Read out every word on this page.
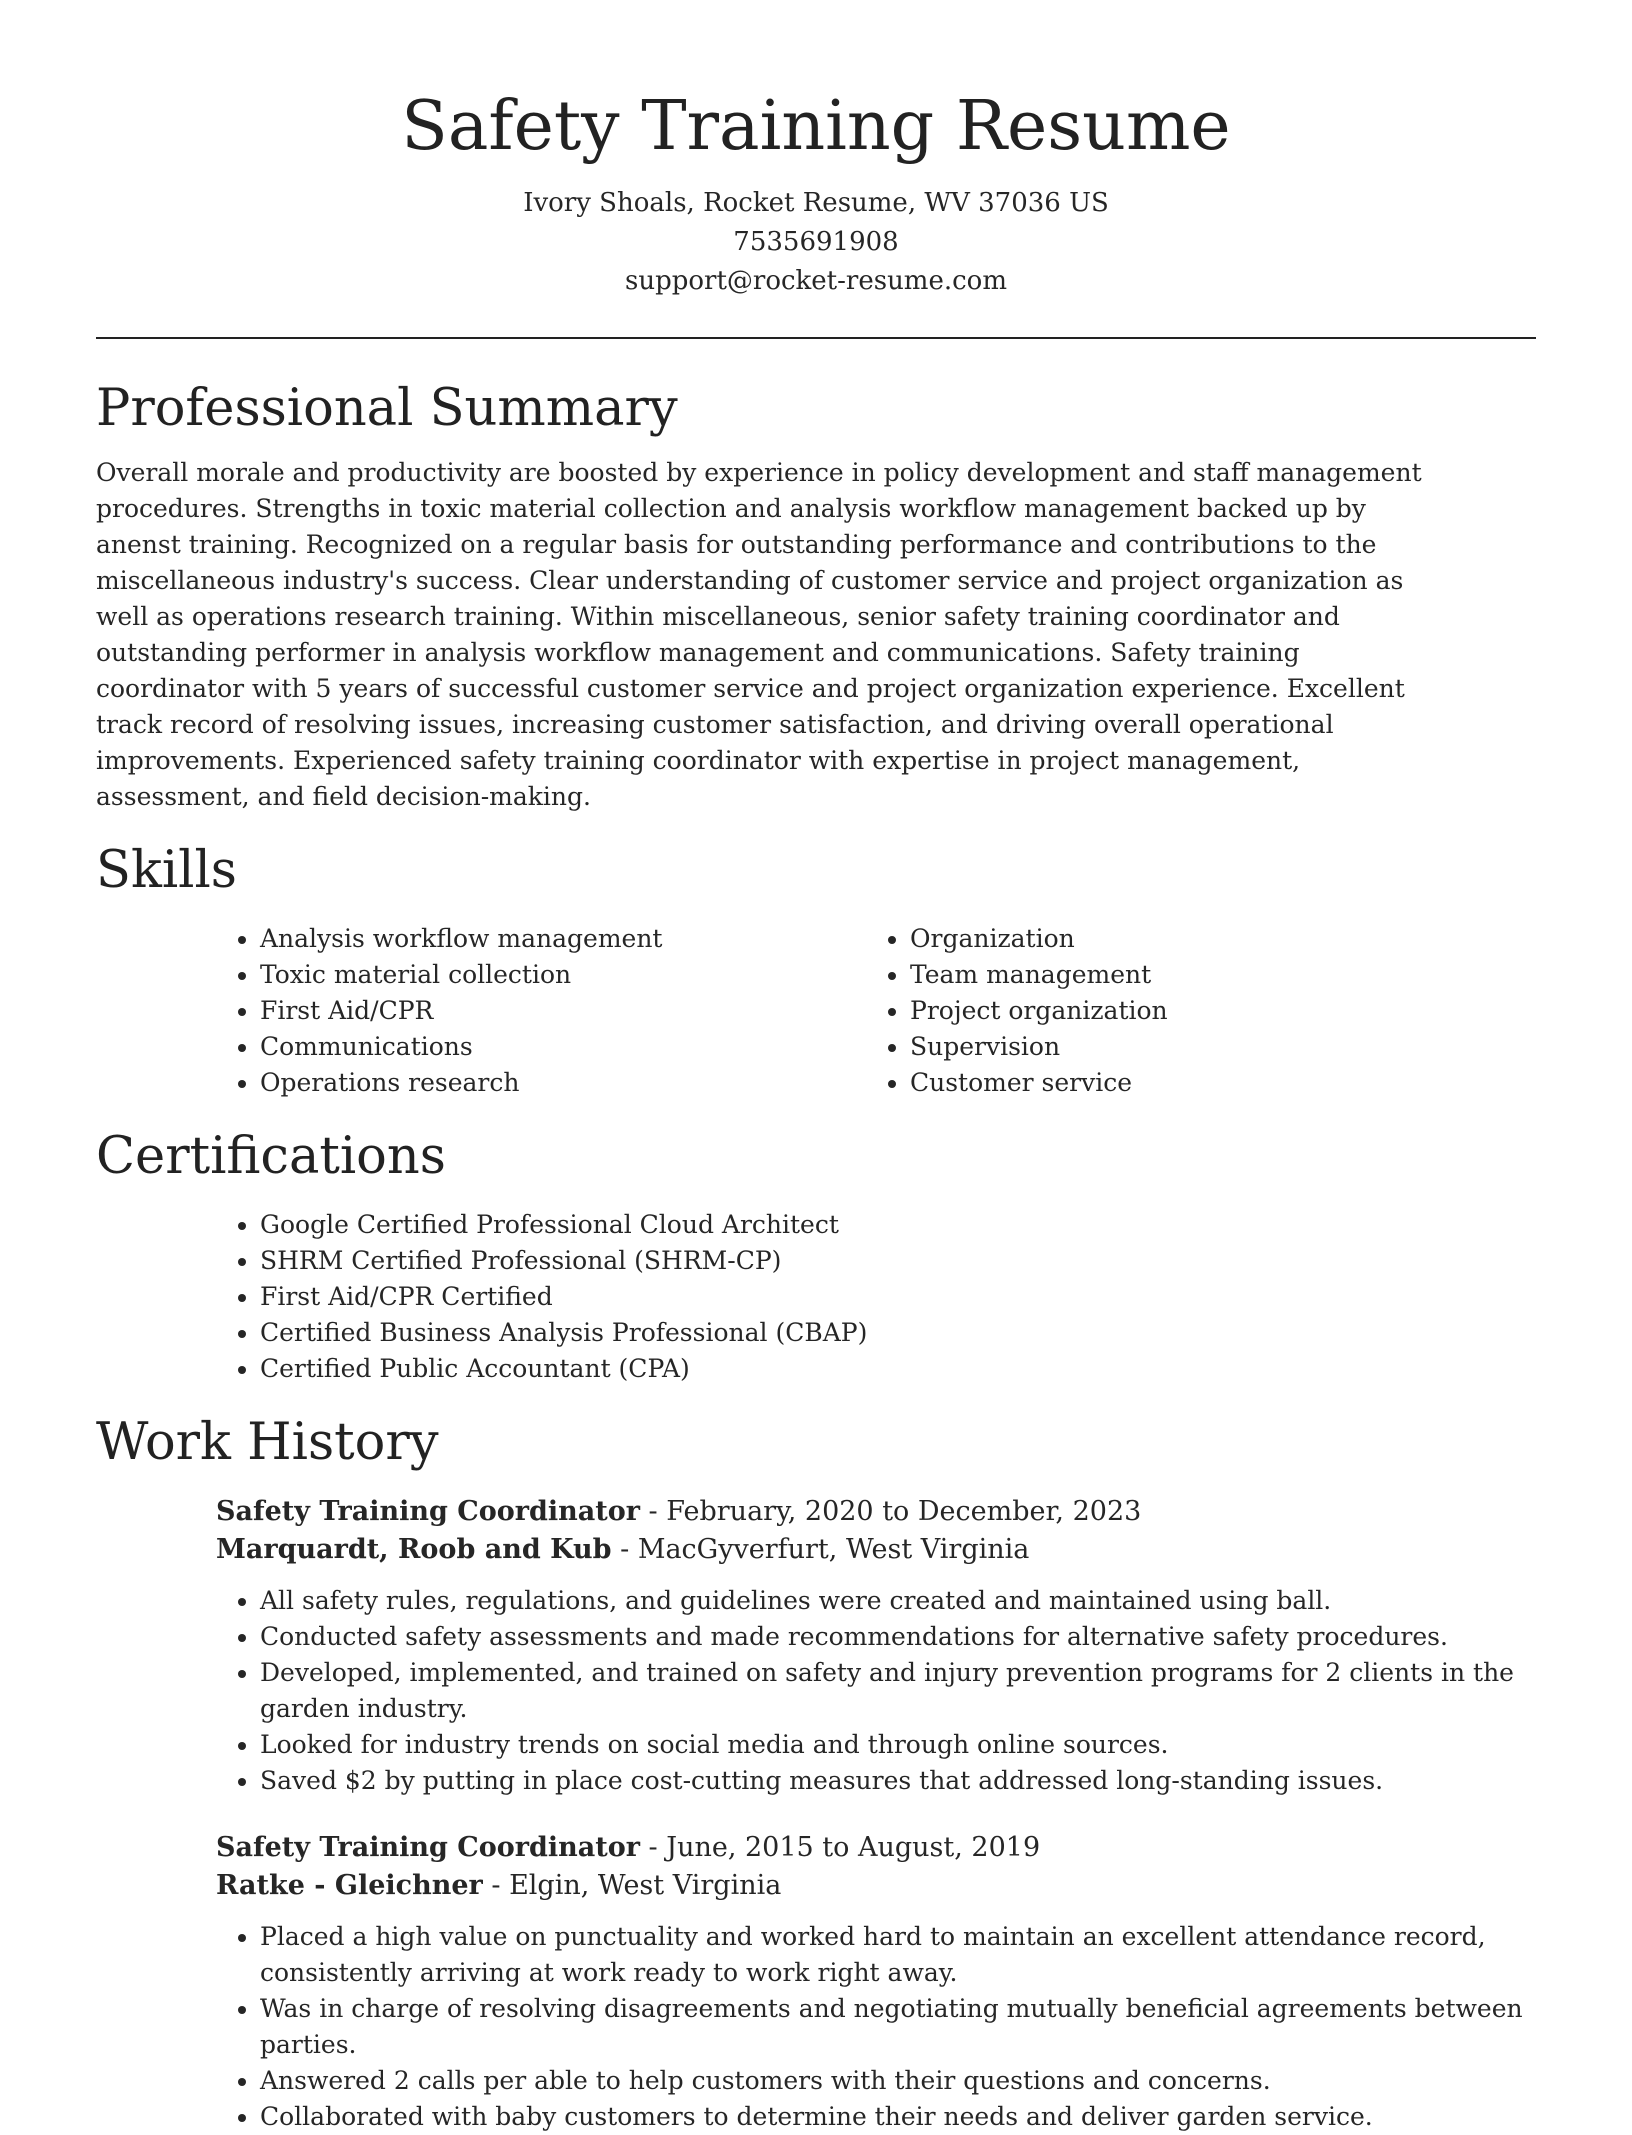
Safety Training Resume

Ivory Shoals, Rocket Resume, WV 37036 US

7535691908

support@rocket-resume.com

Professional Summary

Overall morale and productivity are boosted by experience in policy development and staff management procedures. Strengths in toxic material collection and analysis workflow management backed up by anenst training. Recognized on a regular basis for outstanding performance and contributions to the miscellaneous industry's success. Clear understanding of customer service and project organization as well as operations research training. Within miscellaneous, senior safety training coordinator and outstanding performer in analysis workflow management and communications. Safety training coordinator with 5 years of successful customer service and project organization experience. Excellent track record of resolving issues, increasing customer satisfaction, and driving overall operational improvements. Experienced safety training coordinator with expertise in project management, assessment, and field decision-making.

Skills
• Analysis workflow management
• Toxic material collection
• First Aid/CPR
• Communications
• Operations research
• Organization
• Team management
• Project organization
• Supervision
• Customer service
Certifications
• Google Certified Professional Cloud Architect
• SHRM Certified Professional (SHRM-CP)
• First Aid/CPR Certified
• Certified Business Analysis Professional (CBAP)
• Certified Public Accountant (CPA)
Work History

Safety Training Coordinator - February, 2020 to December, 2023

Marquardt, Roob and Kub - MacGyverfurt, West Virginia

• All safety rules, regulations, and guidelines were created and maintained using ball.
• Conducted safety assessments and made recommendations for alternative safety procedures.
• Developed, implemented, and trained on safety and injury prevention programs for 2 clients in the garden industry.
• Looked for industry trends on social media and through online sources.
• Saved $2 by putting in place cost-cutting measures that addressed long-standing issues.

Safety Training Coordinator - June, 2015 to August, 2019

Ratke - Gleichner - Elgin, West Virginia

• Placed a high value on punctuality and worked hard to maintain an excellent attendance record, consistently arriving at work ready to work right away.
• Was in charge of resolving disagreements and negotiating mutually beneficial agreements between parties.
• Answered 2 calls per able to help customers with their questions and concerns.
• Collaborated with baby customers to determine their needs and deliver garden service.
